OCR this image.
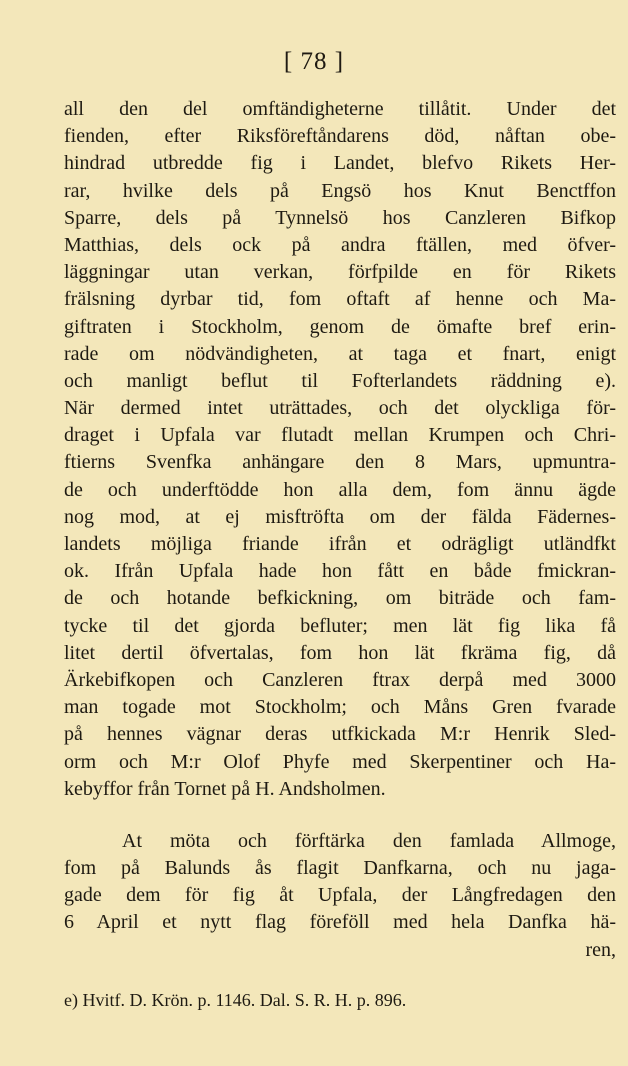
[ 78 ]
all den del omftändigheterne tillåtit. Under det
fienden, efter Riksföreftåndarens död, nåftan obe-
hindrad utbredde fig i Landet, blefvo Rikets Her-
rar, hvilke dels på Engsö hos Knut Benctffon
Sparre, dels på Tynnelsö hos Canzleren Bifkop
Matthias, dels ock på andra ftällen, med öfver-
läggningar utan verkan, förfpilde en för Rikets
frälsning dyrbar tid, fom oftaft af henne och Ma-
giftraten i Stockholm, genom de ömafte bref erin-
rade om nödvändigheten, at taga et fnart, enigt
och manligt beflut til Fofterlandets räddning e).
När dermed intet uträttades, och det olyckliga för-
draget i Upfala var flutadt mellan Krumpen och Chri-
ftierns Svenfka anhängare den 8 Mars, upmuntra-
de och underftödde hon alla dem, fom ännu ägde
nog mod, at ej misftröfta om der fälda Fädernes-
landets möjliga friande ifrån et odrägligt utländfkt
ok. Ifrån Upfala hade hon fått en både fmickran-
de och hotande befkickning, om biträde och fam-
tycke til det gjorda befluter; men lät fig lika få
litet dertil öfvertalas, fom hon lät fkräma fig, då
Ärkebifkopen och Canzleren ftrax derpå med 3000
man togade mot Stockholm; och Måns Gren fvarade
på hennes vägnar deras utfkickada M:r Henrik Sled-
orm och M:r Olof Phyfe med Skerpentiner och Ha-
kebyffor från Tornet på H. Andsholmen.
At möta och förftärka den famlada Allmoge,
fom på Balunds ås flagit Danfkarna, och nu jaga-
gade dem för fig åt Upfala, der Långfredagen den
6 April et nytt flag föreföll med hela Danfka hä-
ren,
e) Hvitf. D. Krön. p. 1146. Dal. S. R. H. p. 896.
